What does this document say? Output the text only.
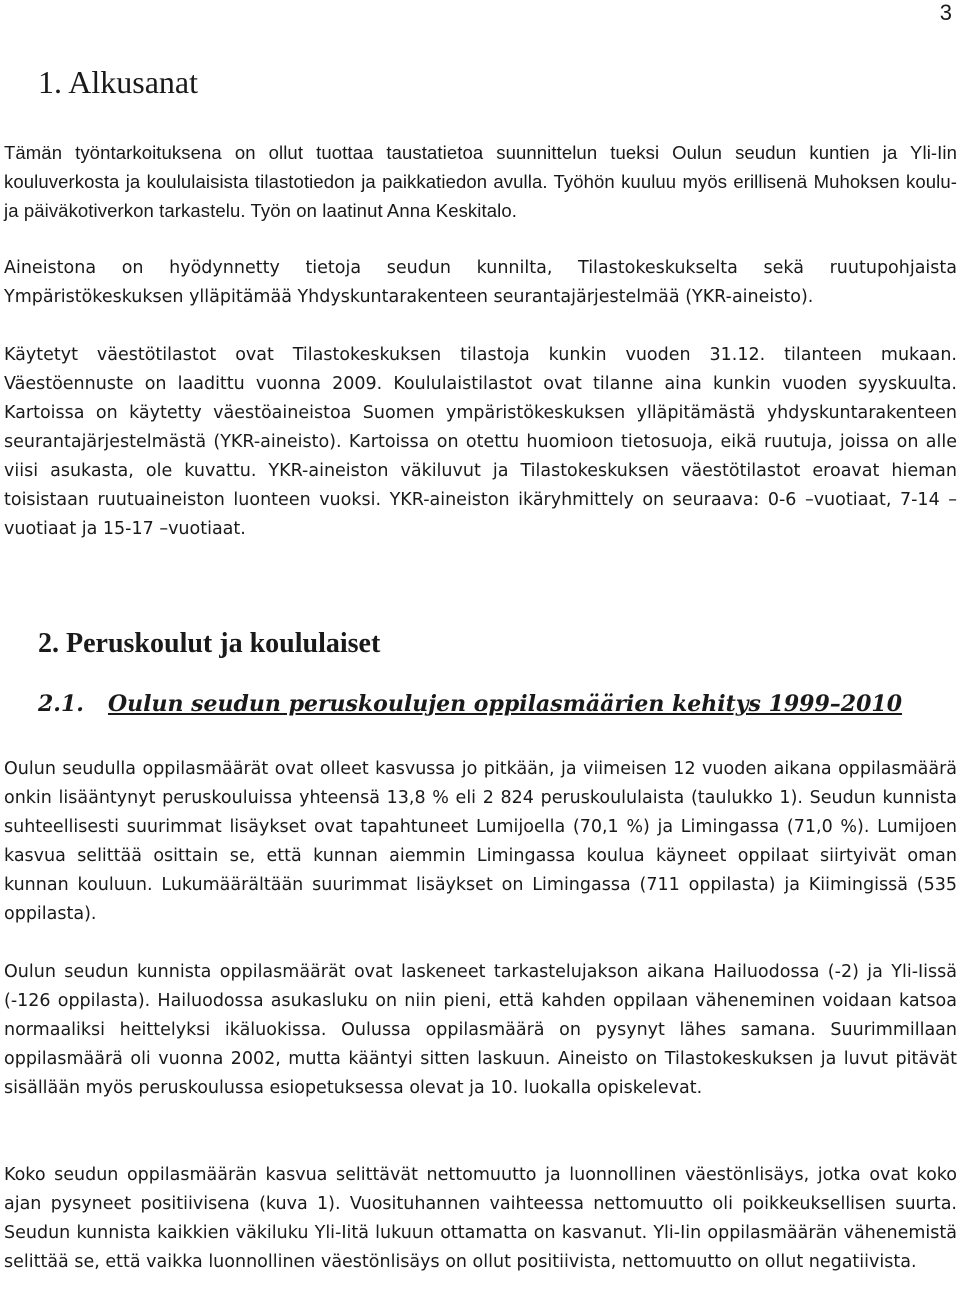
3
1. Alkusanat

Tämän työntarkoituksena on ollut tuottaa taustatietoa suunnittelun tueksi Oulun seudun kuntien ja Yli-Iin kouluverkosta ja koululaisista tilastotiedon ja paikkatiedon avulla. Työhön kuuluu myös erillisenä Muhoksen koulu- ja päiväkotiverkon tarkastelu. Työn on laatinut Anna Keskitalo.

Aineistona on hyödynnetty tietoja seudun kunnilta, Tilastokeskukselta sekä ruutupohjaista Ympäristökeskuksen ylläpitämää Yhdyskuntarakenteen seurantajärjestelmää (YKR-aineisto).

Käytetyt väestötilastot ovat Tilastokeskuksen tilastoja kunkin vuoden 31.12. tilanteen mukaan. Väestöennuste on laadittu vuonna 2009. Koululaistilastot ovat tilanne aina kunkin vuoden syyskuulta. Kartoissa on käytetty väestöaineistoa Suomen ympäristökeskuksen ylläpitämästä yhdyskuntarakenteen seurantajärjestelmästä (YKR-aineisto). Kartoissa on otettu huomioon tietosuoja, eikä ruutuja, joissa on alle viisi asukasta, ole kuvattu. YKR-aineiston väkiluvut ja Tilastokeskuksen väestötilastot eroavat hieman toisistaan ruutuaineiston luonteen vuoksi. YKR-aineiston ikäryhmittely on seuraava: 0-6 –vuotiaat, 7-14 –vuotiaat ja 15-17 –vuotiaat.

2. Peruskoulut ja koululaiset
2.1. Oulun seudun peruskoulujen oppilasmäärien kehitys 1999–2010

Oulun seudulla oppilasmäärät ovat olleet kasvussa jo pitkään, ja viimeisen 12 vuoden aikana oppilasmäärä onkin lisääntynyt peruskouluissa yhteensä 13,8 % eli 2 824 peruskoululaista (taulukko 1). Seudun kunnista suhteellisesti suurimmat lisäykset ovat tapahtuneet Lumijoella (70,1 %) ja Limingassa (71,0 %). Lumijoen kasvua selittää osittain se, että kunnan aiemmin Limingassa koulua käyneet oppilaat siirtyivät oman kunnan kouluun. Lukumäärältään suurimmat lisäykset on Limingassa (711 oppilasta) ja Kiimingissä (535 oppilasta).

Oulun seudun kunnista oppilasmäärät ovat laskeneet tarkastelujakson aikana Hailuodossa (-2) ja Yli-Iissä (-126 oppilasta). Hailuodossa asukasluku on niin pieni, että kahden oppilaan väheneminen voidaan katsoa normaaliksi heittelyksi ikäluokissa. Oulussa oppilasmäärä on pysynyt lähes samana. Suurimmillaan oppilasmäärä oli vuonna 2002, mutta kääntyi sitten laskuun. Aineisto on Tilastokeskuksen ja luvut pitävät sisällään myös peruskoulussa esiopetuksessa olevat ja 10. luokalla opiskelevat.

Koko seudun oppilasmäärän kasvua selittävät nettomuutto ja luonnollinen väestönlisäys, jotka ovat koko ajan pysyneet positiivisena (kuva 1). Vuosituhannen vaihteessa nettomuutto oli poikkeuksellisen suurta. Seudun kunnista kaikkien väkiluku Yli-Iitä lukuun ottamatta on kasvanut. Yli-Iin oppilasmäärän vähenemistä selittää se, että vaikka luonnollinen väestönlisäys on ollut positiivista, nettomuutto on ollut negatiivista.
